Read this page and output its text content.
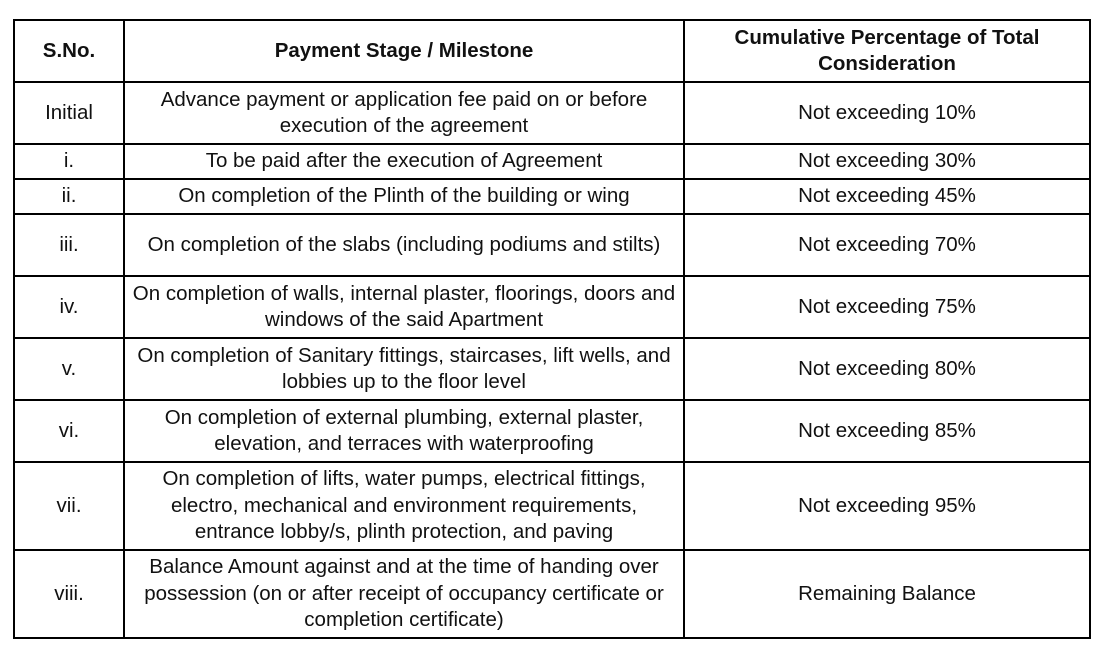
S.No.	Payment Stage / Milestone	Cumulative Percentage of Total Consideration
Initial	Advance payment or application fee paid on or before execution of the agreement	Not exceeding 10%
i.	To be paid after the execution of Agreement	Not exceeding 30%
ii.	On completion of the Plinth of the building or wing	Not exceeding 45%
iii.	On completion of the slabs (including podiums and stilts)	Not exceeding 70%
iv.	On completion of walls, internal plaster, floorings, doors and windows of the said Apartment	Not exceeding 75%
v.	On completion of Sanitary fittings, staircases, lift wells, and lobbies up to the floor level	Not exceeding 80%
vi.	On completion of external plumbing, external plaster, elevation, and terraces with waterproofing	Not exceeding 85%
vii.	On completion of lifts, water pumps, electrical fittings, electro, mechanical and environment requirements, entrance lobby/s, plinth protection, and paving	Not exceeding 95%
viii.	Balance Amount against and at the time of handing over possession (on or after receipt of occupancy certificate or completion certificate)	Remaining Balance
